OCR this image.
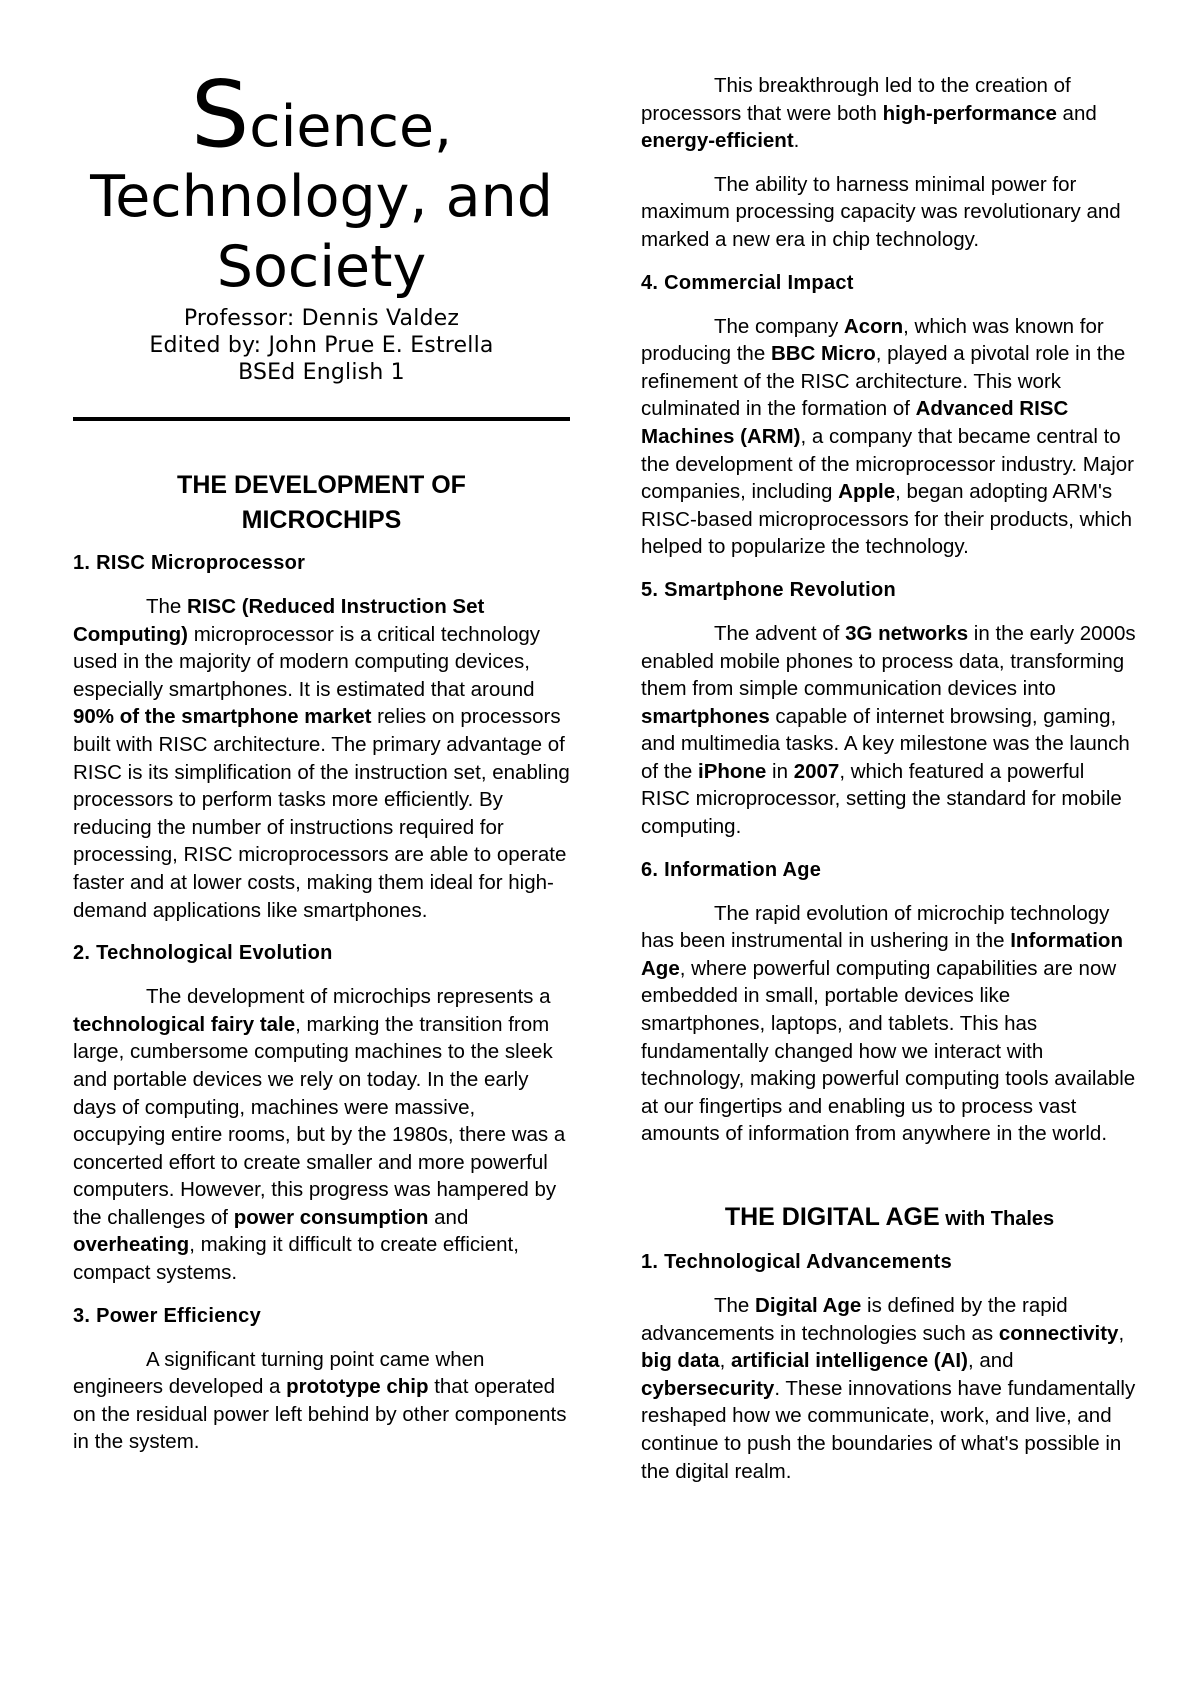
Science,
Technology, and
Society
Professor: Dennis Valdez
Edited by: John Prue E. Estrella
BSEd English 1
THE DEVELOPMENT OF MICROCHIPS
1. RISC Microprocessor

The RISC (Reduced Instruction Set Computing) microprocessor is a critical technology used in the majority of modern computing devices, especially smartphones. It is estimated that around 90% of the smartphone market relies on processors built with RISC architecture. The primary advantage of RISC is its simplification of the instruction set, enabling processors to perform tasks more efficiently. By reducing the number of instructions required for processing, RISC microprocessors are able to operate faster and at lower costs, making them ideal for high-demand applications like smartphones.

2. Technological Evolution

The development of microchips represents a technological fairy tale, marking the transition from large, cumbersome computing machines to the sleek and portable devices we rely on today. In the early days of computing, machines were massive, occupying entire rooms, but by the 1980s, there was a concerted effort to create smaller and more powerful computers. However, this progress was hampered by the challenges of power consumption and overheating, making it difficult to create efficient, compact systems.

3. Power Efficiency

A significant turning point came when engineers developed a prototype chip that operated on the residual power left behind by other components in the system.

This breakthrough led to the creation of processors that were both high-performance and energy-efficient.

The ability to harness minimal power for maximum processing capacity was revolutionary and marked a new era in chip technology.

4. Commercial Impact

The company Acorn, which was known for producing the BBC Micro, played a pivotal role in the refinement of the RISC architecture. This work culminated in the formation of Advanced RISC Machines (ARM), a company that became central to the development of the microprocessor industry. Major companies, including Apple, began adopting ARM's RISC-based microprocessors for their products, which helped to popularize the technology.

5. Smartphone Revolution

The advent of 3G networks in the early 2000s enabled mobile phones to process data, transforming them from simple communication devices into smartphones capable of internet browsing, gaming, and multimedia tasks. A key milestone was the launch of the iPhone in 2007, which featured a powerful RISC microprocessor, setting the standard for mobile computing.

6. Information Age

The rapid evolution of microchip technology has been instrumental in ushering in the Information Age, where powerful computing capabilities are now embedded in small, portable devices like smartphones, laptops, and tablets. This has fundamentally changed how we interact with technology, making powerful computing tools available at our fingertips and enabling us to process vast amounts of information from anywhere in the world.

THE DIGITAL AGE with Thales
1. Technological Advancements

The Digital Age is defined by the rapid advancements in technologies such as connectivity, big data, artificial intelligence (AI), and cybersecurity. These innovations have fundamentally reshaped how we communicate, work, and live, and continue to push the boundaries of what's possible in the digital realm.
